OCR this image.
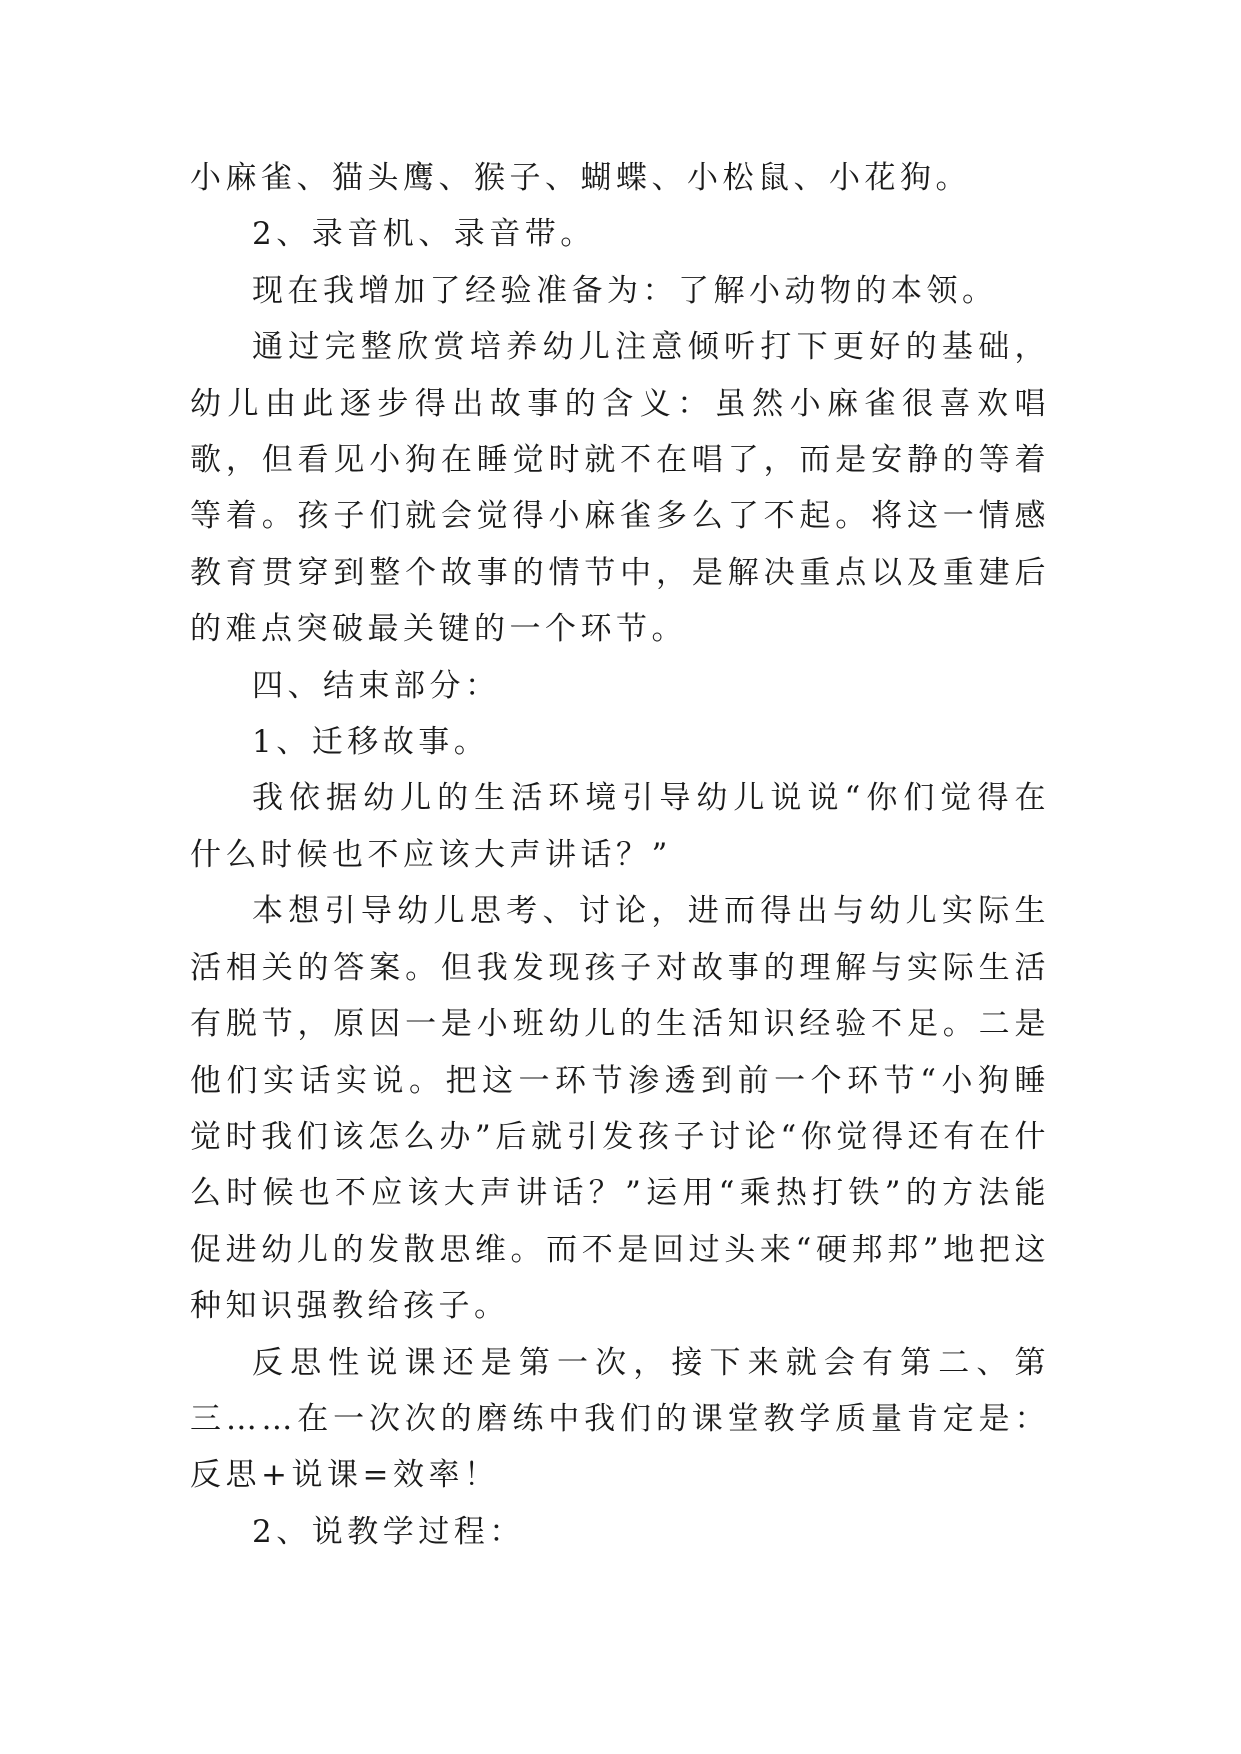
小麻雀、猫头鹰、猴子、蝴蝶、小松鼠、小花狗。

2、录音机、录音带。

现在我增加了经验准备为：了解小动物的本领。

通过完整欣赏培养幼儿注意倾听打下更好的基础，幼儿由此逐步得出故事的含义：虽然小麻雀很喜欢唱歌，但看见小狗在睡觉时就不在唱了，而是安静的等着等着。孩子们就会觉得小麻雀多么了不起。将这一情感教育贯穿到整个故事的情节中，是解决重点以及重建后的难点突破最关键的一个环节。

四、结束部分：

1、迁移故事。

我依据幼儿的生活环境引导幼儿说说“你们觉得在什么时候也不应该大声讲话？”

本想引导幼儿思考、讨论，进而得出与幼儿实际生活相关的答案。但我发现孩子对故事的理解与实际生活有脱节，原因一是小班幼儿的生活知识经验不足。二是他们实话实说。把这一环节渗透到前一个环节“小狗睡觉时我们该怎么办”后就引发孩子讨论“你觉得还有在什么时候也不应该大声讲话？”运用“乘热打铁”的方法能促进幼儿的发散思维。而不是回过头来“硬邦邦”地把这种知识强教给孩子。

反思性说课还是第一次，接下来就会有第二、第三……在一次次的磨练中我们的课堂教学质量肯定是：反思+说课=效率！

2、说教学过程：
